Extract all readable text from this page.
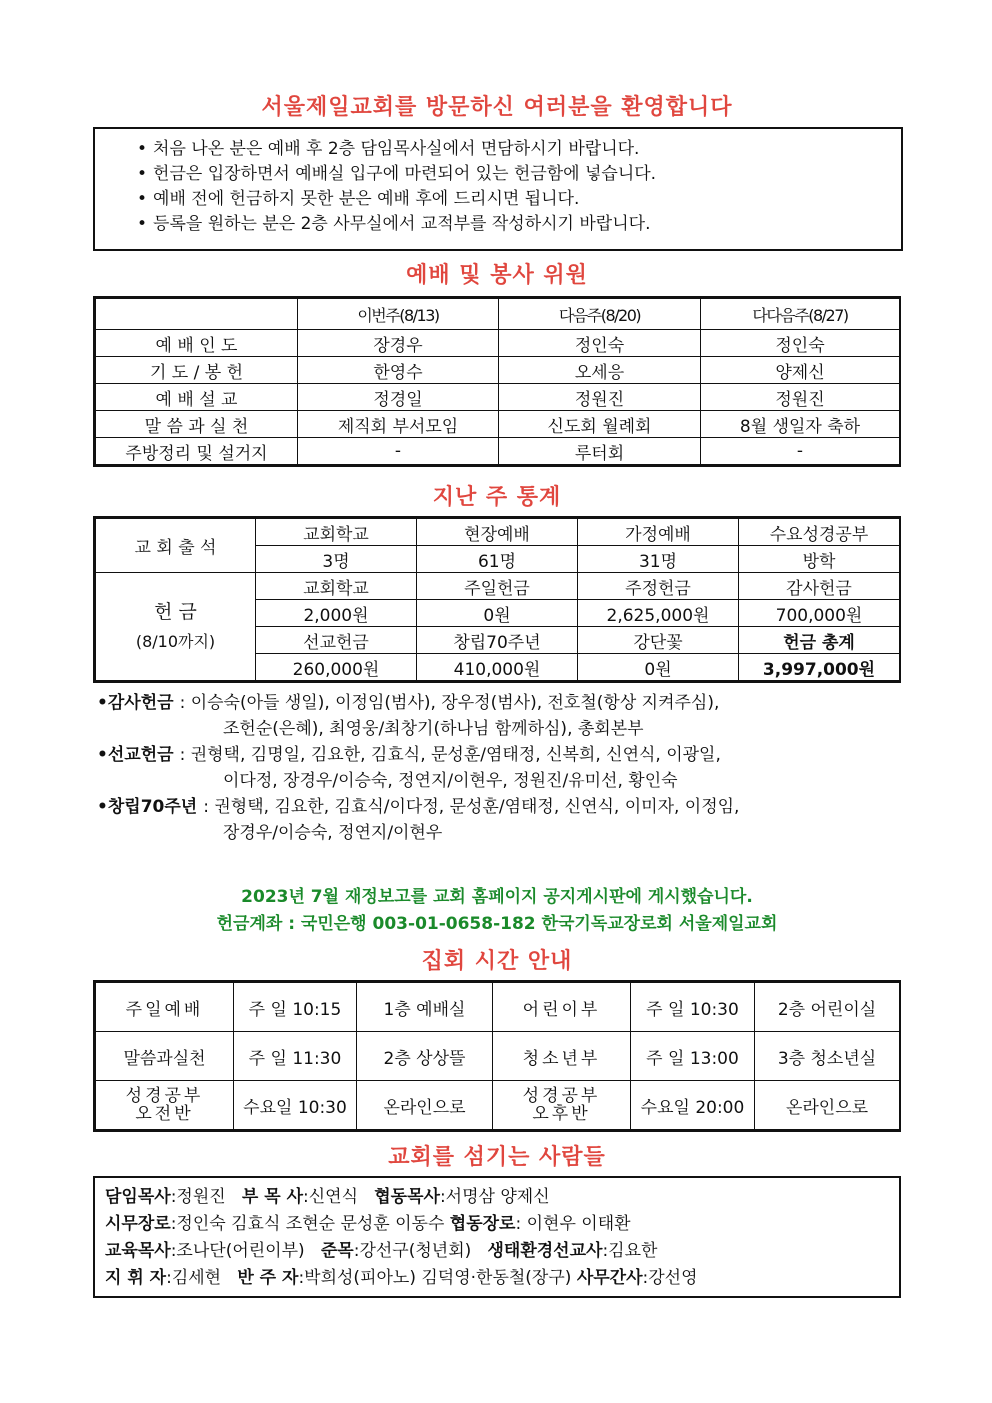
서울제일교회를 방문하신 여러분을 환영합니다
• 처음 나온 분은 예배 후 2층 담임목사실에서 면담하시기 바랍니다.
• 헌금은 입장하면서 예배실 입구에 마련되어 있는 헌금함에 넣습니다.
• 예배 전에 헌금하지 못한 분은 예배 후에 드리시면 됩니다.
• 등록을 원하는 분은 2층 사무실에서 교적부를 작성하시기 바랍니다.
예배 및 봉사 위원
	이번주(8/13)	다음주(8/20)	다다음주(8/27)
예 배 인 도	장경우	정인숙	정인숙
기 도 / 봉 헌	한영수	오세응	양제신
예 배 설 교	정경일	정원진	정원진
말 씀 과 실 천	제직회 부서모임	신도회 월례회	8월 생일자 축하
주방정리 및 설거지	-	루터회	-
지난 주 통계
교 회 출 석	교회학교	현장예배	가정예배	수요성경공부
	3명	61명	31명	방학

헌 금
(8/10까지)	교회학교	주일헌금	주정헌금	감사헌금
	2,000원	0원	2,625,000원	700,000원
	선교헌금	창립70주년	강단꽃	헌금 총계
	260,000원	410,000원	0원	3,997,000원
• 감사헌금 : 이승숙(아들 생일), 이정임(범사), 장우정(범사), 전호철(항상 지켜주심),
조헌순(은혜), 최영웅/최창기(하나님 함께하심), 총회본부
• 선교헌금 : 권형택, 김명일, 김요한, 김효식, 문성훈/염태정, 신복희, 신연식, 이광일,
이다정, 장경우/이승숙, 정연지/이현우, 정원진/유미선, 황인숙
• 창립70주년 : 권형택, 김요한, 김효식/이다정, 문성훈/염태정, 신연식, 이미자, 이정임,
장경우/이승숙, 정연지/이현우
2023년 7월 재정보고를 교회 홈페이지 공지게시판에 게시했습니다.
헌금계좌 : 국민은행 003-01-0658-182 한국기독교장로회 서울제일교회
집회 시간 안내
주일예배	주 일 10:15	1층 예배실	어린이부	주 일 10:30	2층 어린이실
말씀과실천	주 일 11:30	2층 상상뜰	청소년부	주 일 13:00	3층 청소년실
성경공부 오전반	수요일 10:30	온라인으로	성경공부 오후반	수요일 20:00	온라인으로
교회를 섬기는 사람들
담임목사:정원진   부 목 사:신연식   협동목사:서명삼 양제신
시무장로:정인숙 김효식 조현순 문성훈 이동수 협동장로: 이현우 이태환
교육목사:조나단(어린이부)   준목:강선구(청년회)   생태환경선교사:김요한
지 휘 자:김세현   반 주 자:박희성(피아노) 김덕영·한동철(장구) 사무간사:강선영
